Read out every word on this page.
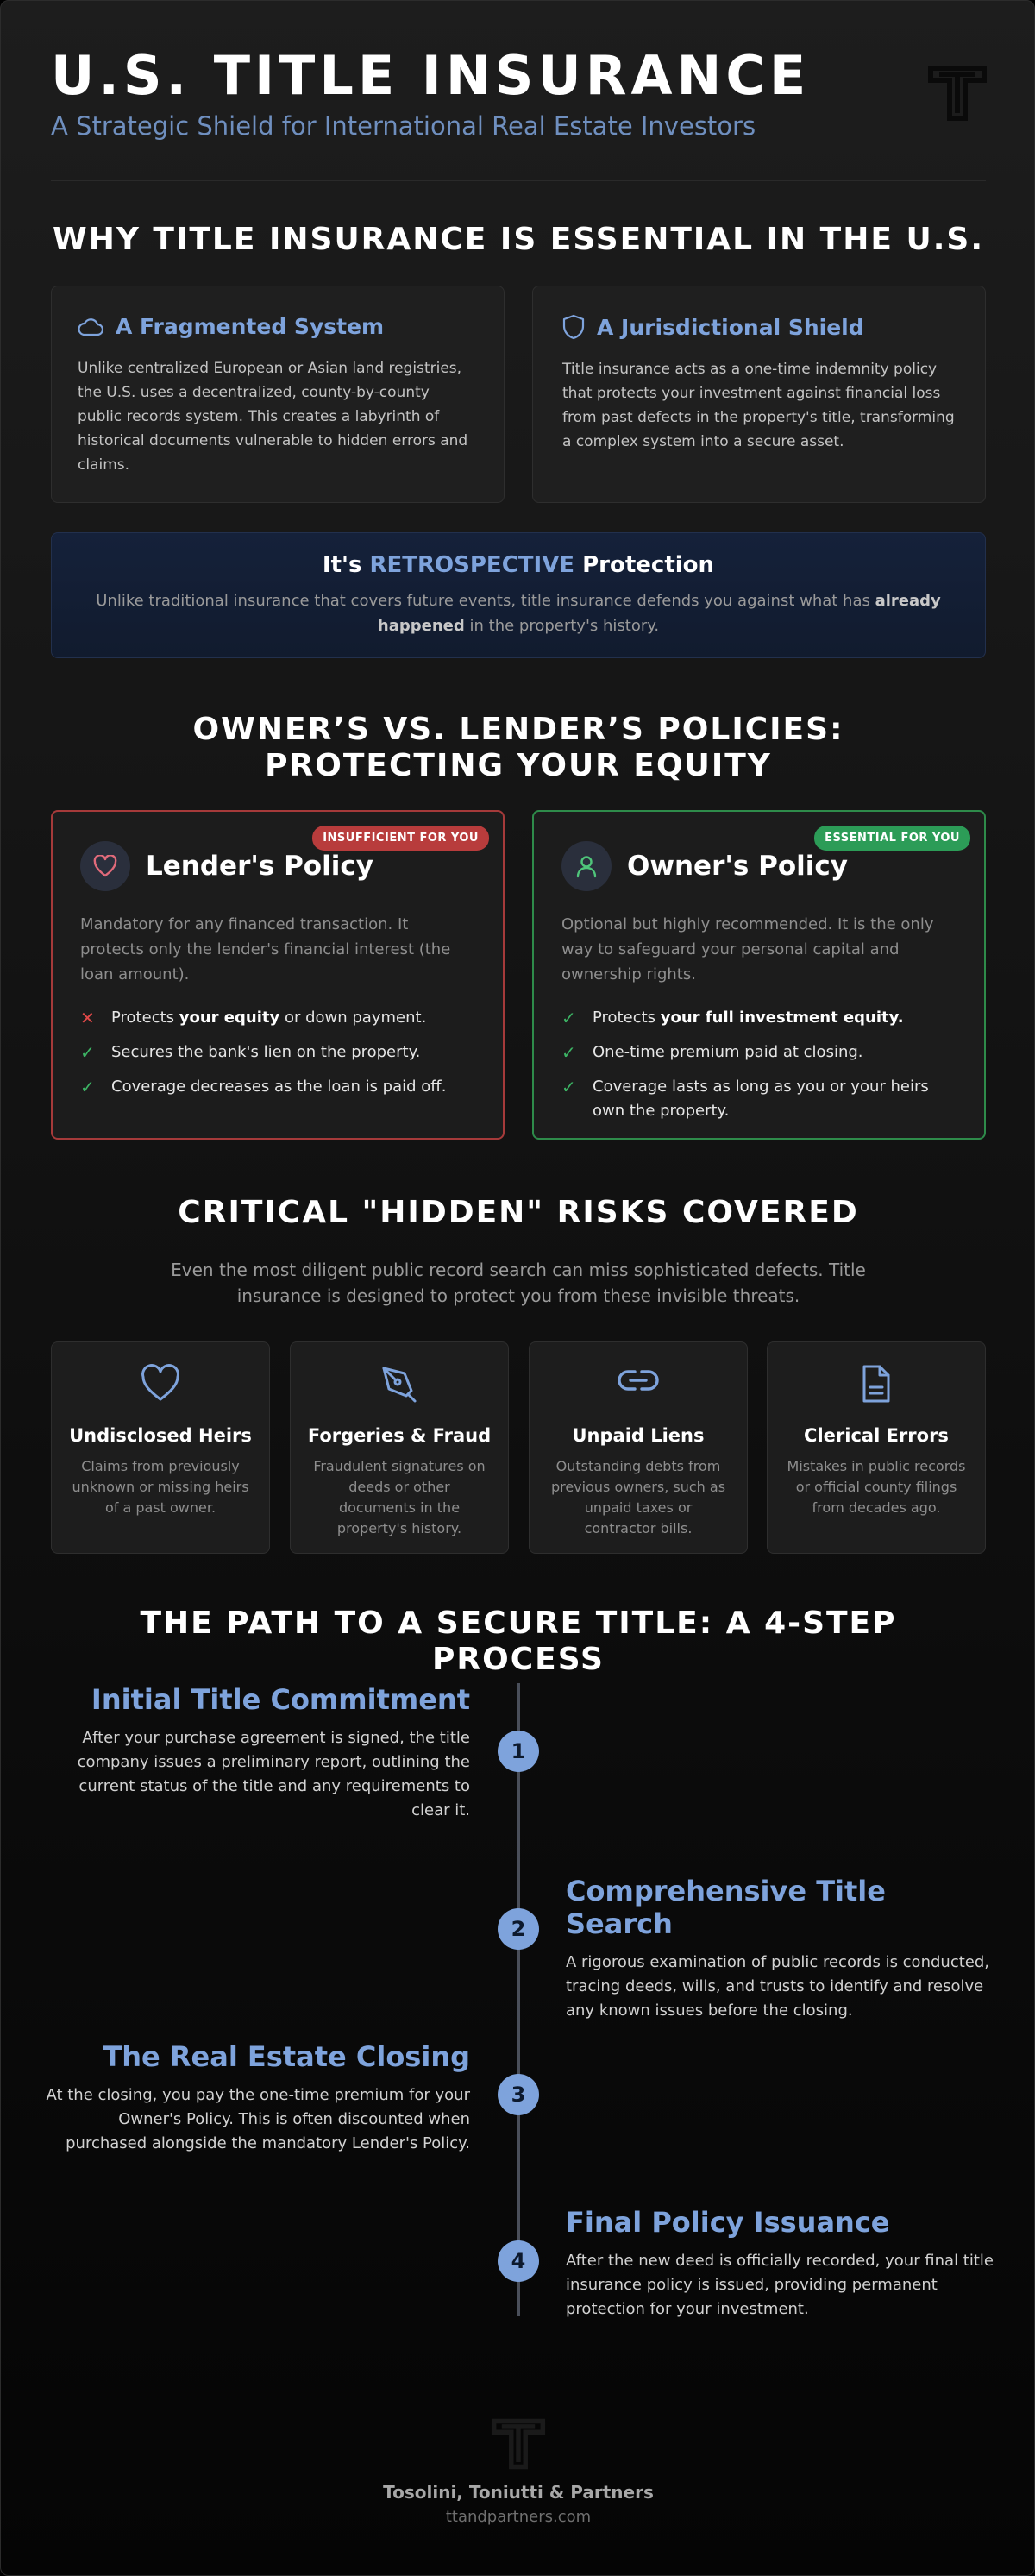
U.S. TITLE INSURANCE
A Strategic Shield for International Real Estate Investors
WHY TITLE INSURANCE IS ESSENTIAL IN THE U.S.
A Fragmented System
Unlike centralized European or Asian land registries, the U.S. uses a decentralized, county-by-county public records system. This creates a labyrinth of historical documents vulnerable to hidden errors and claims.
A Jurisdictional Shield
Title insurance acts as a one-time indemnity policy that protects your investment against financial loss from past defects in the property's title, transforming a complex system into a secure asset.
It's RETROSPECTIVE Protection
Unlike traditional insurance that covers future events, title insurance defends you against what has already happened in the property's history.
OWNER’S VS. LENDER’S POLICIES: PROTECTING YOUR EQUITY
INSUFFICIENT FOR YOU
Lender's Policy
Mandatory for any financed transaction. It protects only the lender's financial interest (the loan amount).
✕ Protects your equity or down payment.
✓ Secures the bank's lien on the property.
✓ Coverage decreases as the loan is paid off.
ESSENTIAL FOR YOU
Owner's Policy
Optional but highly recommended. It is the only way to safeguard your personal capital and ownership rights.
✓ Protects your full investment equity.
✓ One-time premium paid at closing.
✓ Coverage lasts as long as you or your heirs own the property.
CRITICAL "HIDDEN" RISKS COVERED
Even the most diligent public record search can miss sophisticated defects. Title insurance is designed to protect you from these invisible threats.
Undisclosed Heirs
Claims from previously unknown or missing heirs of a past owner.
Forgeries & Fraud
Fraudulent signatures on deeds or other documents in the property's history.
Unpaid Liens
Outstanding debts from previous owners, such as unpaid taxes or contractor bills.
Clerical Errors
Mistakes in public records or official county filings from decades ago.
THE PATH TO A SECURE TITLE: A 4-STEP PROCESS
Initial Title Commitment
After your purchase agreement is signed, the title company issues a preliminary report, outlining the current status of the title and any requirements to clear it.
1
Comprehensive Title Search
A rigorous examination of public records is conducted, tracing deeds, wills, and trusts to identify and resolve any known issues before the closing.
2
The Real Estate Closing
At the closing, you pay the one-time premium for your Owner's Policy. This is often discounted when purchased alongside the mandatory Lender's Policy.
3
Final Policy Issuance
After the new deed is officially recorded, your final title insurance policy is issued, providing permanent protection for your investment.
4
Tosolini, Toniutti & Partners
ttandpartners.com
